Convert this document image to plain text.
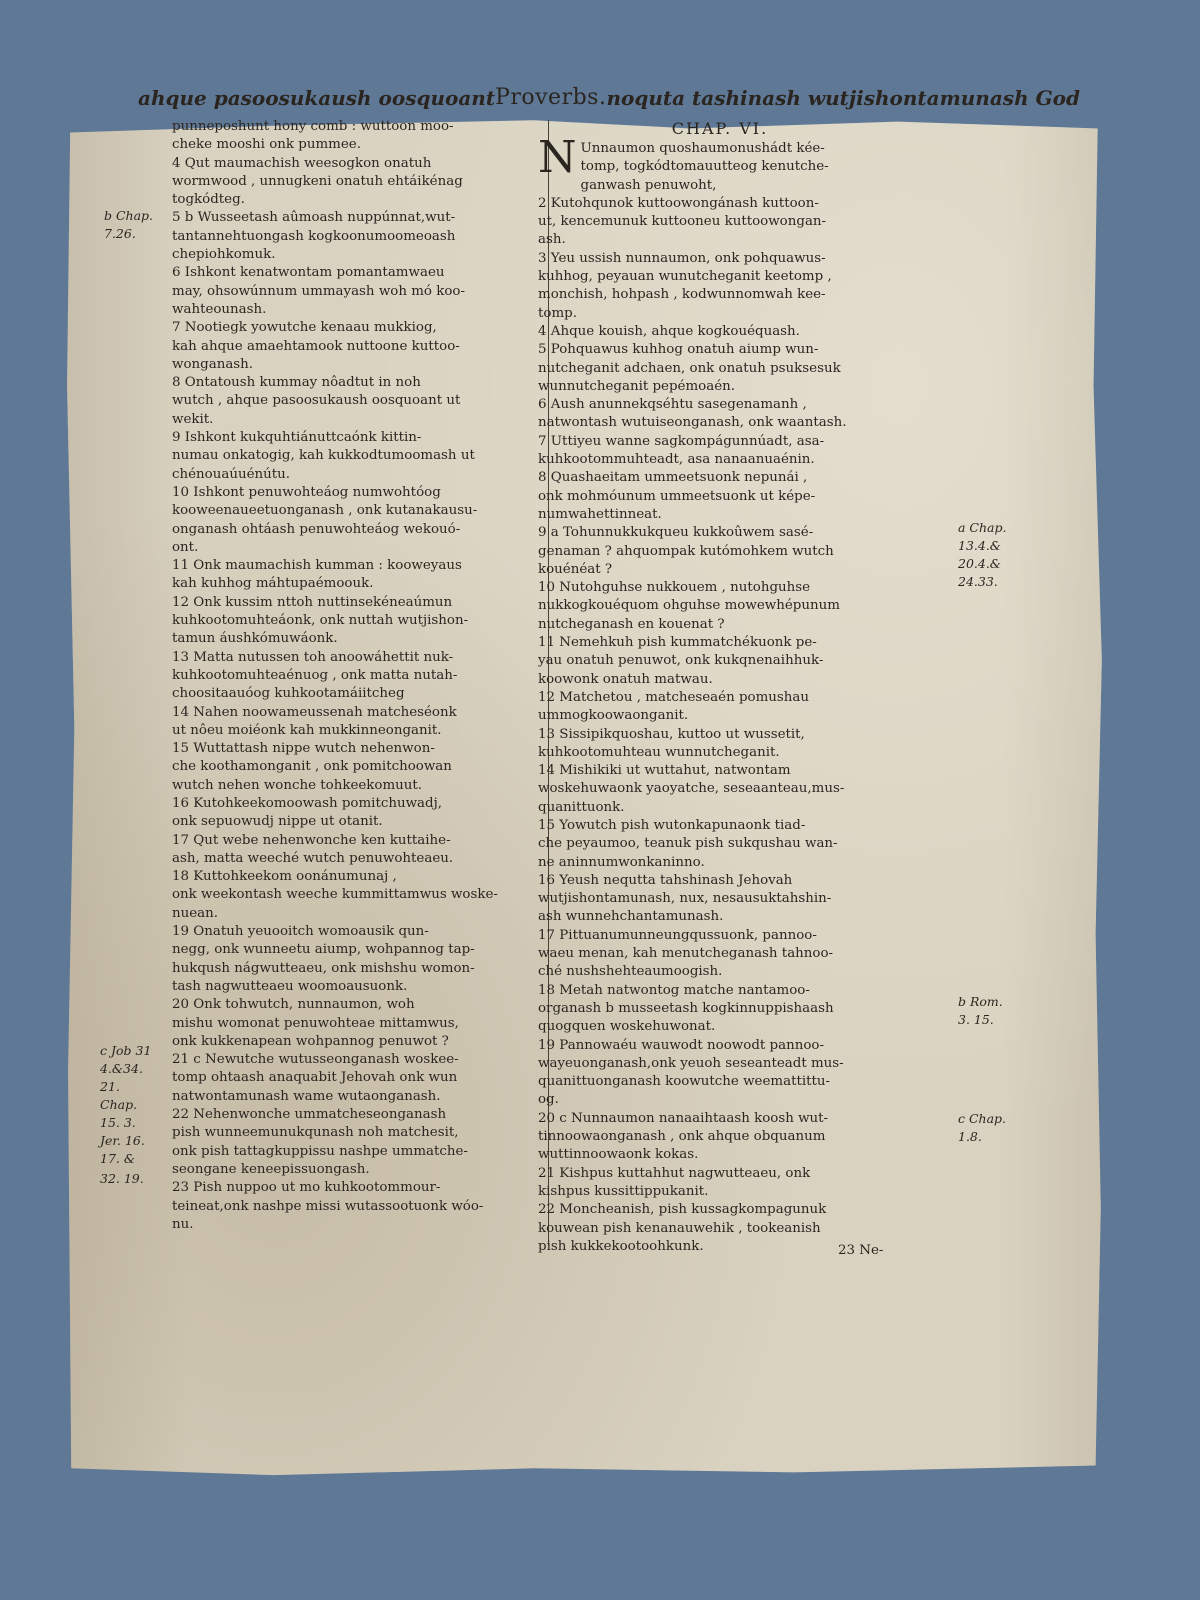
ahque pasoosukaush oosquoant Proverbs. noquta tashinash wutjishontamunash God
punneposhunt hony comb : wuttoon moo-
cheke mooshi onk pummee.
4 Qut maumachish weesogkon onatuh
wormwood , unnugkeni onatuh ehtáikénag
togkódteg.
5 b Wusseetash aûmoash nuppúnnat,wut-
tantannehtuongash kogkoonumoomeoash
chepiohkomuk.
6 Ishkont kenatwontam pomantamwaeu
may, ohsowúnnum ummayash woh mó koo-
wahteounash.
7 Nootiegk yowutche kenaau mukkiog,
kah ahque amaehtamook nuttoone kuttoo-
wonganash.
8 Ontatoush kummay nôadtut in noh
wutch , ahque pasoosukaush oosquoant ut
wekit.
9 Ishkont kukquhtiánuttcaónk kittin-
numau onkatogig, kah kukkodtumoomash ut
chénouaúuénútu.
10 Ishkont penuwohteáog numwohtóog
kooweenaueetuonganash , onk kutanakausu-
onganash ohtáash penuwohteáog wekouó-
ont.
11 Onk maumachish kumman : kooweyaus
kah kuhhog máhtupaémoouk.
12 Onk kussim nttoh nuttinsekéneaúmun
kuhkootomuhteáonk, onk nuttah wutjishon-
tamun áushkómuwáonk.
13 Matta nutussen toh anoowáhettit nuk-
kuhkootomuhteaénuog , onk matta nutah-
choositaauóog kuhkootamáiitcheg
14 Nahen noowameussenah matcheséonk
ut nôeu moiéonk kah mukkinneonganit.
15 Wuttattash nippe wutch nehenwon-
che koothamonganit , onk pomitchoowan
wutch nehen wonche tohkeekomuut.
16 Kutohkeekomoowash pomitchuwadj,
onk sepuowudj nippe ut otanit.
17 Qut webe nehenwonche ken kuttaihe-
ash, matta weeché wutch penuwohteaeu.
18 Kuttohkeekom oonánumunaj ,
onk weekontash weeche kummittamwus woske-
nuean.
19 Onatuh yeuooitch womoausik qun-
negg, onk wunneetu aiump, wohpannog tap-
hukqush nágwutteaeu, onk mishshu womon-
tash nagwutteaeu woomoausuonk.
20 Onk tohwutch, nunnaumon, woh
mishu womonat penuwohteae mittamwus,
onk kukkenapean wohpannog penuwot ?
21 c Newutche wutusseonganash woskee-
tomp ohtaash anaquabit Jehovah onk wun
natwontamunash wame wutaonganash.
22 Nehenwonche ummatcheseonganash
pish wunneemunukqunash noh matchesit,
onk pish tattagkuppissu nashpe ummatche-
seongane keneepissuongash.
23 Pish nuppoo ut mo kuhkootommour-
teineat,onk nashpe missi wutassootuonk wóo-
nu.
CHAP. VI.
N Unnaumon quoshaumonushádt kée-
tomp, togkódtomauutteog kenutche-
ganwash penuwoht,
2 Kutohqunok kuttoowongánash kuttoon-
ut, kencemunuk kuttooneu kuttoowongan-
ash.
3 Yeu ussish nunnaumon, onk pohquawus-
kuhhog, peyauan wunutcheganit keetomp ,
monchish, hohpash , kodwunnomwah kee-
tomp.
4 Ahque kouish, ahque kogkouéquash.
5 Pohquawus kuhhog onatuh aiump wun-
nutcheganit adchaen, onk onatuh psuksesuk
wunnutcheganit pepémoaén.
6 Aush anunnekqséhtu sasegenamanh ,
natwontash wutuiseonganash, onk waantash.
7 Uttiyeu wanne sagkompágunnúadt, asa-
kuhkootommuhteadt, asa nanaanuaénin.
8 Quashaeitam ummeetsuonk nepunái ,
onk mohmóunum ummeetsuonk ut képe-
numwahettinneat.
9 a Tohunnukkukqueu kukkoûwem sasé-
genaman ? ahquompak kutómohkem wutch
kouénéat ?
10 Nutohguhse nukkouem , nutohguhse
nukkogkouéquom ohguhse mowewhépunum
nutcheganash en kouenat ?
11 Nemehkuh pish kummatchékuonk pe-
yau onatuh penuwot, onk kukqnenaihhuk-
koowonk onatuh matwau.
12 Matchetou , matcheseaén pomushau
ummogkoowaonganit.
13 Sissipikquoshau, kuttoo ut wussetit,
kuhkootomuhteau wunnutcheganit.
14 Mishikiki ut wuttahut, natwontam
woskehuwaonk yaoyatche, seseaanteau,mus-
quanittuonk.
15 Yowutch pish wutonkapunaonk tiad-
che peyaumoo, teanuk pish sukqushau wan-
ne aninnumwonkaninno.
16 Yeush nequtta tahshinash Jehovah
wutjishontamunash, nux, nesausuktahshin-
ash wunnehchantamunash.
17 Pittuanumunneungqussuonk, pannoo-
waeu menan, kah menutcheganash tahnoo-
ché nushshehteaumoogish.
18 Metah natwontog matche nantamoo-
organash b musseetash kogkinnuppishaash
quogquen woskehuwonat.
19 Pannowaéu wauwodt noowodt pannoo-
wayeuonganash,onk yeuoh seseanteadt mus-
quanittuonganash koowutche weemattittu-
og.
20 c Nunnaumon nanaaihtaash koosh wut-
tinnoowaonganash , onk ahque obquanum
wuttinnoowaonk kokas.
21 Kishpus kuttahhut nagwutteaeu, onk
kishpus kussittippukanit.
22 Moncheanish, pish kussagkompagunuk
kouwean pish kenanauwehik , tookeanish
pish kukkekootoohkunk.
b Chap.
7.26.
c Job 31
4.&34.
21.
Chap.
15. 3.
Jer. 16.
17. &
32. 19.
a Chap.
13.4.&
20.4.&
24.33.
b Rom.
3. 15.
c Chap.
1.8.
23 Ne-
